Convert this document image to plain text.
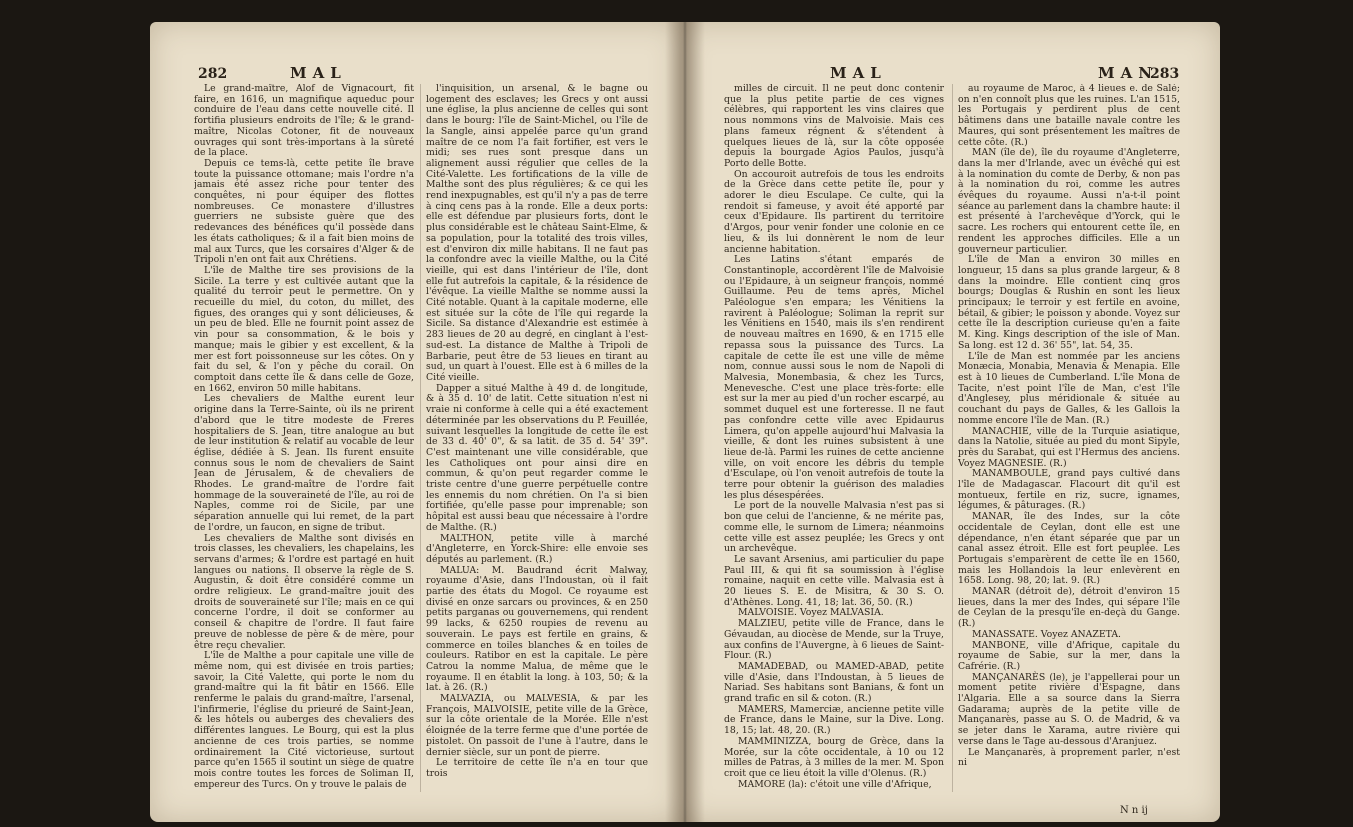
282	MAL

Le grand-maître, Alof de Vignacourt, fit faire, en 1616, un magnifique aqueduc pour conduire de l'eau dans cette nouvelle cité. Il fortifia plusieurs endroits de l'île; & le grand-maître, Nicolas Cotoner, fit de nouveaux ouvrages qui sont très-importans à la sûreté de la place.

Depuis ce tems-là, cette petite île brave toute la puissance ottomane; mais l'ordre n'a jamais été assez riche pour tenter des conquêtes, ni pour équiper des flottes nombreuses. Ce monastere d'illustres guerriers ne subsiste guère que des redevances des bénéfices qu'il possède dans les états catholiques; & il a fait bien moins de mal aux Turcs, que les corsaires d'Alger & de Tripoli n'en ont fait aux Chrétiens.

L'île de Malthe tire ses provisions de la Sicile. La terre y est cultivée autant que la qualité du terroir peut le permettre. On y recueille du miel, du coton, du millet, des figues, des oranges qui y sont délicieuses, & un peu de bled. Elle ne fournit point assez de vin pour sa consommation, & le bois y manque; mais le gibier y est excellent, & la mer est fort poissonneuse sur les côtes. On y fait du sel, & l'on y pêche du corail. On comptoit dans cette île & dans celle de Goze, en 1662, environ 50 mille habitans.

Les chevaliers de Malthe eurent leur origine dans la Terre-Sainte, où ils ne prirent d'abord que le titre modeste de Freres hospitaliers de S. Jean, titre analogue au but de leur institution & relatif au vocable de leur église, dédiée à S. Jean. Ils furent ensuite connus sous le nom de chevaliers de Saint Jean de Jérusalem, & de chevaliers de Rhodes. Le grand-maître de l'ordre fait hommage de la souveraineté de l'île, au roi de Naples, comme roi de Sicile, par une séparation annuelle qui lui remet, de la part de l'ordre, un faucon, en signe de tribut.

Les chevaliers de Malthe sont divisés en trois classes, les chevaliers, les chapelains, les servans d'armes; & l'ordre est partagé en huit langues ou nations. Il observe la règle de S. Augustin, & doit être considéré comme un ordre religieux. Le grand-maître jouit des droits de souveraineté sur l'île; mais en ce qui concerne l'ordre, il doit se conformer au conseil & chapitre de l'ordre. Il faut faire preuve de noblesse de père & de mère, pour être reçu chevalier.

L'île de Malthe a pour capitale une ville de même nom, qui est divisée en trois parties; savoir, la Cité Valette, qui porte le nom du grand-maître qui la fit bâtir en 1566. Elle renferme le palais du grand-maître, l'arsenal, l'infirmerie, l'église du prieuré de Saint-Jean, & les hôtels ou auberges des chevaliers des différentes langues. Le Bourg, qui est la plus ancienne de ces trois parties, se nomme ordinairement la Cité victorieuse, surtout parce qu'en 1565 il soutint un siège de quatre mois contre toutes les forces de Soliman II, empereur des Turcs. On y trouve le palais de

l'inquisition, un arsenal, & le bagne ou logement des esclaves; les Grecs y ont aussi une église, la plus ancienne de celles qui sont dans le bourg: l'île de Saint-Michel, ou l'île de la Sangle, ainsi appelée parce qu'un grand maître de ce nom l'a fait fortifier, est vers le midi; ses rues sont presque dans un alignement aussi régulier que celles de la Cité-Valette. Les fortifications de la ville de Malthe sont des plus régulières; & ce qui les rend inexpugnables, est qu'il n'y a pas de terre à cinq cens pas à la ronde. Elle a deux ports: elle est défendue par plusieurs forts, dont le plus considérable est le château Saint-Elme, & sa population, pour la totalité des trois villes, est d'environ dix mille habitans. Il ne faut pas la confondre avec la vieille Malthe, ou la Cité vieille, qui est dans l'intérieur de l'île, dont elle fut autrefois la capitale, & la résidence de l'évêque. La vieille Malthe se nomme aussi la Cité notable. Quant à la capitale moderne, elle est située sur la côte de l'île qui regarde la Sicile. Sa distance d'Alexandrie est estimée à 283 lieues de 20 au degré, en cinglant à l'est-sud-est. La distance de Malthe à Tripoli de Barbarie, peut être de 53 lieues en tirant au sud, un quart à l'ouest. Elle est à 6 milles de la Cité vieille.

Dapper a situé Malthe à 49 d. de longitude, & à 35 d. 10' de latit. Cette situation n'est ni vraie ni conforme à celle qui a été exactement déterminée par les observations du P. Feuillée, suivant lesquelles la longitude de cette île est de 33 d. 40' 0", & sa latit. de 35 d. 54' 39". C'est maintenant une ville considérable, que les Catholiques ont pour ainsi dire en commun, & qu'on peut regarder comme le triste centre d'une guerre perpétuelle contre les ennemis du nom chrétien. On l'a si bien fortifiée, qu'elle passe pour imprenable; son hôpital est aussi beau que nécessaire à l'ordre de Malthe. (R.)

MALTHON, petite ville à marché d'Angleterre, en Yorck-Shire: elle envoie ses députés au parlement. (R.)

MALUA: M. Baudrand écrit Malway, royaume d'Asie, dans l'Indoustan, où il fait partie des états du Mogol. Ce royaume est divisé en onze sarcars ou provinces, & en 250 petits parganas ou gouvernemens, qui rendent 99 lacks, & 6250 roupies de revenu au souverain. Le pays est fertile en grains, & commerce en toiles blanches & en toiles de couleurs. Ratibor en est la capitale. Le père Catrou la nomme Malua, de même que le royaume. Il en établit la long. à 103, 50; & la lat. à 26. (R.)

MALVAZIA, ou MALVESIA, & par les François, MALVOISIE, petite ville de la Grèce, sur la côte orientale de la Morée. Elle n'est éloignée de la terre ferme que d'une portée de pistolet. On passoit de l'une à l'autre, dans le dernier siècle, sur un pont de pierre.

Le territoire de cette île n'a en tour que trois

MAL MAN
283

milles de circuit. Il ne peut donc contenir que la plus petite partie de ces vignes célèbres, qui rapportent les vins claires que nous nommons vins de Malvoisie. Mais ces plans fameux régnent & s'étendent à quelques lieues de là, sur la côte opposée depuis la bourgade Agios Paulos, jusqu'à Porto delle Botte.

On accouroit autrefois de tous les endroits de la Grèce dans cette petite île, pour y adorer le dieu Esculape. Ce culte, qui la rendoit si fameuse, y avoit été apporté par ceux d'Epidaure. Ils partirent du territoire d'Argos, pour venir fonder une colonie en ce lieu, & ils lui donnèrent le nom de leur ancienne habitation.

Les Latins s'étant emparés de Constantinople, accordèrent l'île de Malvoisie ou l'Epidaure, à un seigneur françois, nommé Guillaume. Peu de tems après, Michel Paléologue s'en empara; les Vénitiens la ravirent à Paléologue; Soliman la reprit sur les Vénitiens en 1540, mais ils s'en rendirent de nouveau maîtres en 1690, & en 1715 elle repassa sous la puissance des Turcs. La capitale de cette île est une ville de même nom, connue aussi sous le nom de Napoli di Malvesia, Monembasia, & chez les Turcs, Menevesche. C'est une place très-forte: elle est sur la mer au pied d'un rocher escarpé, au sommet duquel est une forteresse. Il ne faut pas confondre cette ville avec Epidaurus Limera, qu'on appelle aujourd'hui Malvasia la vieille, & dont les ruines subsistent à une lieue de-là. Parmi les ruines de cette ancienne ville, on voit encore les débris du temple d'Esculape, où l'on venoit autrefois de toute la terre pour obtenir la guérison des maladies les plus désespérées.

Le port de la nouvelle Malvasia n'est pas si bon que celui de l'ancienne, & ne mérite pas, comme elle, le surnom de Limera; néanmoins cette ville est assez peuplée; les Grecs y ont un archevêque.

Le savant Arsenius, ami particulier du pape Paul III, & qui fit sa soumission à l'église romaine, naquit en cette ville. Malvasia est à 20 lieues S. E. de Misitra, & 30 S. O. d'Athènes. Long. 41, 18; lat. 36, 50. (R.)

MALVOISIE. Voyez MALVASIA.

MALZIEU, petite ville de France, dans le Gévaudan, au diocèse de Mende, sur la Truye, aux confins de l'Auvergne, à 6 lieues de Saint-Flour. (R.)

MAMADEBAD, ou MAMED-ABAD, petite ville d'Asie, dans l'Indoustan, à 5 lieues de Nariad. Ses habitans sont Banians, & font un grand trafic en sil & coton. (R.)

MAMERS, Mamerciæ, ancienne petite ville de France, dans le Maine, sur la Dive. Long. 18, 15; lat. 48, 20. (R.)

MAMMINIZZA, bourg de Grèce, dans la Morée, sur la côte occidentale, à 10 ou 12 milles de Patras, à 3 milles de la mer. M. Spon croit que ce lieu étoit la ville d'Olenus. (R.)

MAMORE (la): c'étoit une ville d'Afrique,

au royaume de Maroc, à 4 lieues e. de Salé; on n'en connoît plus que les ruines. L'an 1515, les Portugais y perdirent plus de cent bâtimens dans une bataille navale contre les Maures, qui sont présentement les maîtres de cette côte. (R.)

MAN (île de), île du royaume d'Angleterre, dans la mer d'Irlande, avec un évêché qui est à la nomination du comte de Derby, & non pas à la nomination du roi, comme les autres évêques du royaume. Aussi n'a-t-il point séance au parlement dans la chambre haute: il est présenté à l'archevêque d'Yorck, qui le sacre. Les rochers qui entourent cette île, en rendent les approches difficiles. Elle a un gouverneur particulier.

L'île de Man a environ 30 milles en longueur, 15 dans sa plus grande largeur, & 8 dans la moindre. Elle contient cinq gros bourgs; Douglas & Rushin en sont les lieux principaux; le terroir y est fertile en avoine, bétail, & gibier; le poisson y abonde. Voyez sur cette île la description curieuse qu'en a faite M. King. Kings description of the isle of Man. Sa long. est 12 d. 36' 55", lat. 54, 35.

L'île de Man est nommée par les anciens Monæcia, Monabia, Menavia & Menapia. Elle est à 10 lieues de Cumberland. L'île Mona de Tacite, n'est point l'île de Man, c'est l'île d'Anglesey, plus méridionale & située au couchant du pays de Galles, & les Gallois la nomme encore l'île de Man. (R.)

MANACHIE, ville de la Turquie asiatique, dans la Natolie, située au pied du mont Sipyle, près du Sarabat, qui est l'Hermus des anciens. Voyez MAGNESIE. (R.)

MANAMBOULE, grand pays cultivé dans l'île de Madagascar. Flacourt dit qu'il est montueux, fertile en riz, sucre, ignames, légumes, & pâturages. (R.)

MANAR, île des Indes, sur la côte occidentale de Ceylan, dont elle est une dépendance, n'en étant séparée que par un canal assez étroit. Elle est fort peuplée. Les Portugais s'emparèrent de cette île en 1560, mais les Hollandois la leur enlevèrent en 1658. Long. 98, 20; lat. 9. (R.)

MANAR (détroit de), détroit d'environ 15 lieues, dans la mer des Indes, qui sépare l'île de Ceylan de la presqu'île en-deçà du Gange. (R.)

MANASSATE. Voyez ANAZETA.

MANBONE, ville d'Afrique, capitale du royaume de Sabie, sur la mer, dans la Cafrérie. (R.)

MANÇANARÈS (le), je l'appellerai pour un moment petite rivière d'Espagne, dans l'Algaria. Elle a sa source dans la Sierra Gadarama; auprès de la petite ville de Mançanarès, passe au S. O. de Madrid, & va se jeter dans le Xarama, autre rivière qui verse dans le Tage au-dessous d'Aranjuez.

Le Mançanarès, à proprement parler, n'est ni

N n ij
